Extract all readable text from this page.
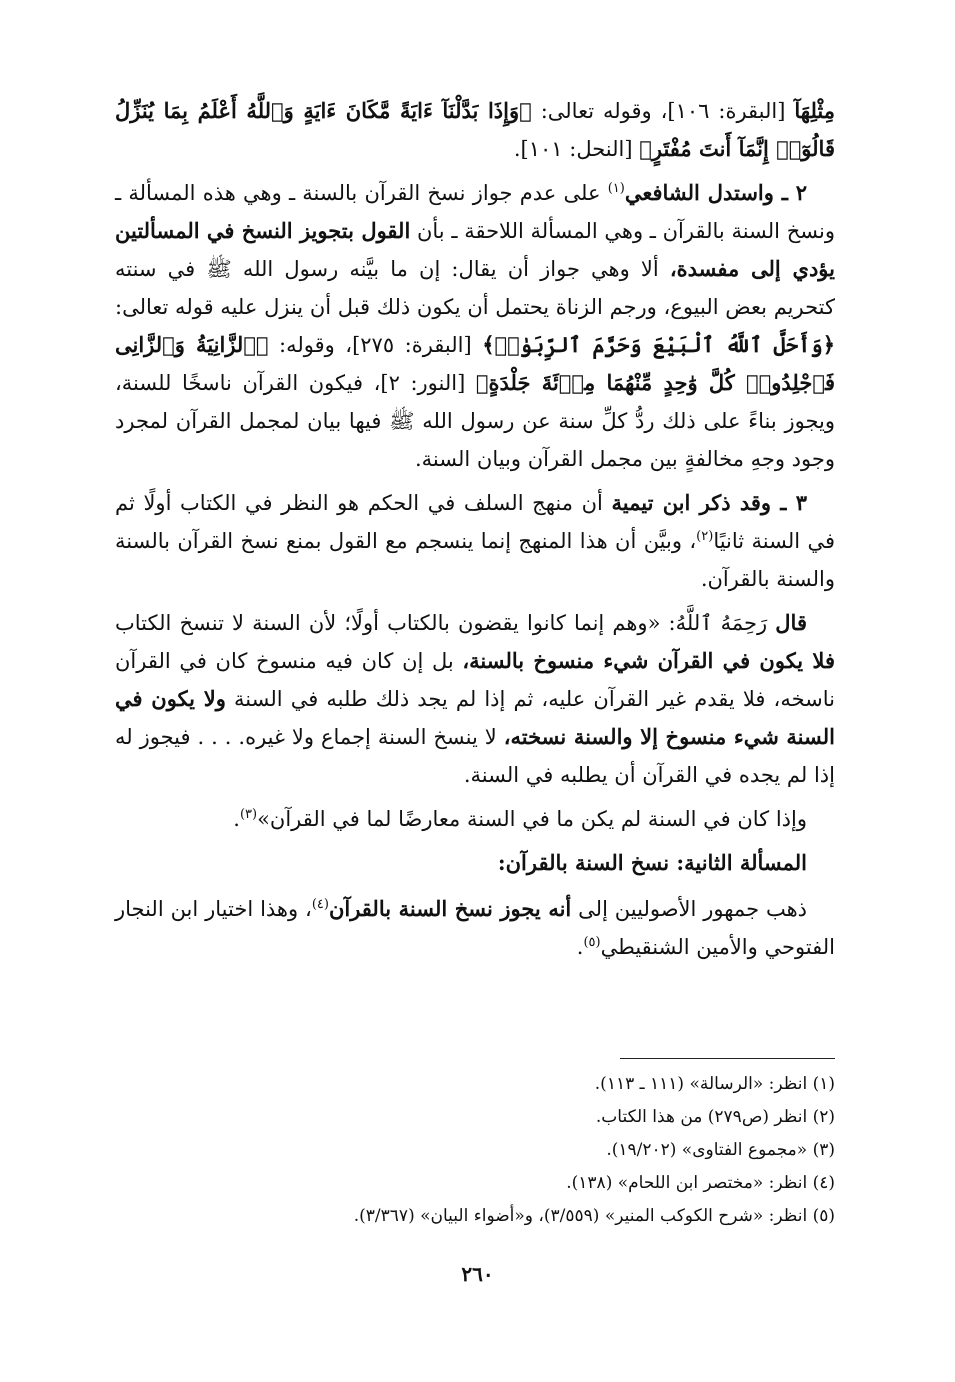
مِثْلِهَآ [البقرة: ١٠٦]، وقوله تعالى: ﴿وَإِذَا بَدَّلْنَآ ءَايَةً مَّكَانَ ءَايَةٍ وَٱللَّهُ أَعْلَمُ بِمَا يُنَزِّلُ قَالُوٓا۟ إِنَّمَآ أَنتَ مُفْتَرٍ﴾ [النحل: ١٠١].

٢ ـ واستدل الشافعي$^{(١)}$ على عدم جواز نسخ القرآن بالسنة ـ وهي هذه المسألة ـ ونسخ السنة بالقرآن ـ وهي المسألة اللاحقة ـ بأن القول بتجويز النسخ في المسألتين يؤدي إلى مفسدة، ألا وهي جواز أن يقال: إن ما بيَّنه رسول الله ﷺ في سنته كتحريم بعض البيوع، ورجم الزناة يحتمل أن يكون ذلك قبل أن ينزل عليه قوله تعالى: ﴿وَأَحَلَّ ٱللَّهُ ٱلْبَيْعَ وَحَرَّمَ ٱلرِّبَوٰا۟﴾ [البقرة: ٢٧٥]، وقوله: ﴿ٱلزَّانِيَةُ وَٱلزَّانِى فَٱجْلِدُوا۟ كُلَّ وَٰحِدٍ مِّنْهُمَا مِا۟ئَةَ جَلْدَةٍ﴾ [النور: ٢]، فيكون القرآن ناسخًا للسنة، ويجوز بناءً على ذلك ردُّ كلِّ سنة عن رسول الله ﷺ فيها بيان لمجمل القرآن لمجرد وجود وجهِ مخالفةٍ بين مجمل القرآن وبيان السنة.

٣ ـ وقد ذكر ابن تيمية أن منهج السلف في الحكم هو النظر في الكتاب أولًا ثم في السنة ثانيًا$^{(٢)}$، وبيَّن أن هذا المنهج إنما ينسجم مع القول بمنع نسخ القرآن بالسنة والسنة بالقرآن.

قال رَحِمَهُ ٱللَّهُ: «وهم إنما كانوا يقضون بالكتاب أولًا؛ لأن السنة لا تنسخ الكتاب فلا يكون في القرآن شيء منسوخ بالسنة، بل إن كان فيه منسوخ كان في القرآن ناسخه، فلا يقدم غير القرآن عليه، ثم إذا لم يجد ذلك طلبه في السنة ولا يكون في السنة شيء منسوخ إلا والسنة نسخته، لا ينسخ السنة إجماع ولا غيره. . . . فيجوز له إذا لم يجده في القرآن أن يطلبه في السنة.

وإذا كان في السنة لم يكن ما في السنة معارضًا لما في القرآن»$^{(٣)}$.

المسألة الثانية: نسخ السنة بالقرآن:

ذهب جمهور الأصوليين إلى أنه يجوز نسخ السنة بالقرآن$^{(٤)}$، وهذا اختيار ابن النجار الفتوحي والأمين الشنقيطي$^{(٥)}$.

(١) انظر: «الرسالة» (١١١ ـ ١١٣).

(٢) انظر (ص٢٧٩) من هذا الكتاب.

(٣) «مجموع الفتاوى» (١٩/٢٠٢).

(٤) انظر: «مختصر ابن اللحام» (١٣٨).

(٥) انظر: «شرح الكوكب المنير» (٣/٥٥٩)، و«أضواء البيان» (٣/٣٦٧).

٢٦٠
